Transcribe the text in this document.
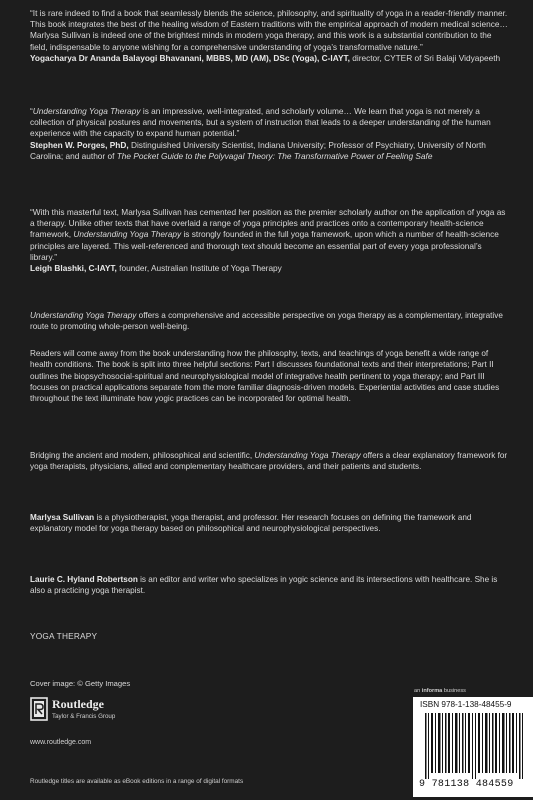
“It is rare indeed to find a book that seamlessly blends the science, philosophy, and spirituality of yoga in a reader-friendly manner. This book integrates the best of the healing wisdom of Eastern traditions with the empirical approach of modern medical science… Marlysa Sullivan is indeed one of the brightest minds in modern yoga therapy, and this work is a substantial contribution to the field, indispensable to anyone wishing for a comprehensive understanding of yoga’s transformative nature.”

Yogacharya Dr Ananda Balayogi Bhavanani, MBBS, MD (AM), DSc (Yoga), C-IAYT, director, CYTER of Sri Balaji Vidyapeeth

“Understanding Yoga Therapy is an impressive, well-integrated, and scholarly volume… We learn that yoga is not merely a collection of physical postures and movements, but a system of instruction that leads to a deeper understanding of the human experience with the capacity to expand human potential.”

Stephen W. Porges, PhD, Distinguished University Scientist, Indiana University; Professor of Psychiatry, University of North Carolina; and author of The Pocket Guide to the Polyvagal Theory: The Transformative Power of Feeling Safe

“With this masterful text, Marlysa Sullivan has cemented her position as the premier scholarly author on the application of yoga as a therapy. Unlike other texts that have overlaid a range of yoga principles and practices onto a contemporary health-science framework, Understanding Yoga Therapy is strongly founded in the full yoga framework, upon which a number of health-science principles are layered. This well-referenced and thorough text should become an essential part of every yoga professional’s library.”

Leigh Blashki, C-IAYT, founder, Australian Institute of Yoga Therapy

Understanding Yoga Therapy offers a comprehensive and accessible perspective on yoga therapy as a complementary, integrative route to promoting whole-person well-being.

Readers will come away from the book understanding how the philosophy, texts, and teachings of yoga benefit a wide range of health conditions. The book is split into three helpful sections: Part I discusses foundational texts and their interpretations; Part II outlines the biopsychosocial-spiritual and neurophysiological model of integrative health pertinent to yoga therapy; and Part III focuses on practical applications separate from the more familiar diagnosis-driven models. Experiential activities and case studies throughout the text illuminate how yogic practices can be incorporated for optimal health.

Bridging the ancient and modern, philosophical and scientific, Understanding Yoga Therapy offers a clear explanatory framework for yoga therapists, physicians, allied and complementary healthcare providers, and their patients and students.

Marlysa Sullivan is a physiotherapist, yoga therapist, and professor. Her research focuses on defining the framework and explanatory model for yoga therapy based on philosophical and neurophysiological perspectives.

Laurie C. Hyland Robertson is an editor and writer who specializes in yogic science and its intersections with healthcare. She is also a practicing yoga therapist.

YOGA THERAPY
Cover image: © Getty Images
an informa business
Routledge
Taylor & Francis Group
www.routledge.com
Routledge titles are available as eBook editions in a range of digital formats
ISBN 978-1-138-48455-9
9 781138 484559
